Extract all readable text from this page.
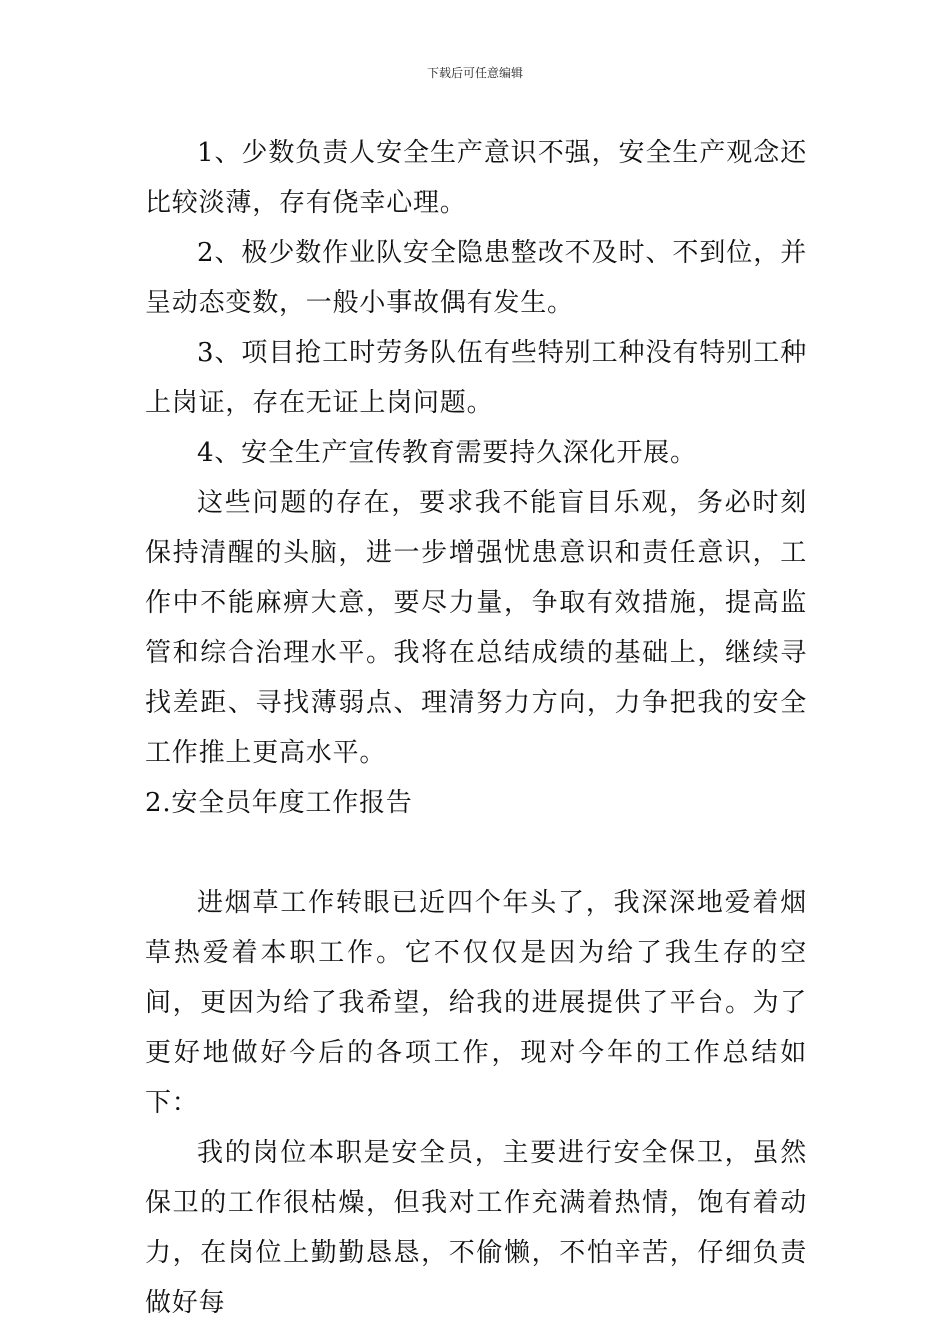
下载后可任意编辑

1、少数负责人安全生产意识不强，安全生产观念还比较淡薄，存有侥幸心理。

2、极少数作业队安全隐患整改不及时、不到位，并呈动态变数，一般小事故偶有发生。

3、项目抢工时劳务队伍有些特别工种没有特别工种上岗证，存在无证上岗问题。

4、安全生产宣传教育需要持久深化开展。

这些问题的存在，要求我不能盲目乐观，务必时刻保持清醒的头脑，进一步增强忧患意识和责任意识，工作中不能麻痹大意，要尽力量，争取有效措施，提高监管和综合治理水平。我将在总结成绩的基础上，继续寻找差距、寻找薄弱点、理清努力方向，力争把我的安全工作推上更高水平。

2.安全员年度工作报告

进烟草工作转眼已近四个年头了，我深深地爱着烟草热爱着本职工作。它不仅仅是因为给了我生存的空间，更因为给了我希望，给我的进展提供了平台。为了更好地做好今后的各项工作，现对今年的工作总结如下：

我的岗位本职是安全员，主要进行安全保卫，虽然保卫的工作很枯燥，但我对工作充满着热情，饱有着动力，在岗位上勤勤恳恳，不偷懒，不怕辛苦，仔细负责做好每
